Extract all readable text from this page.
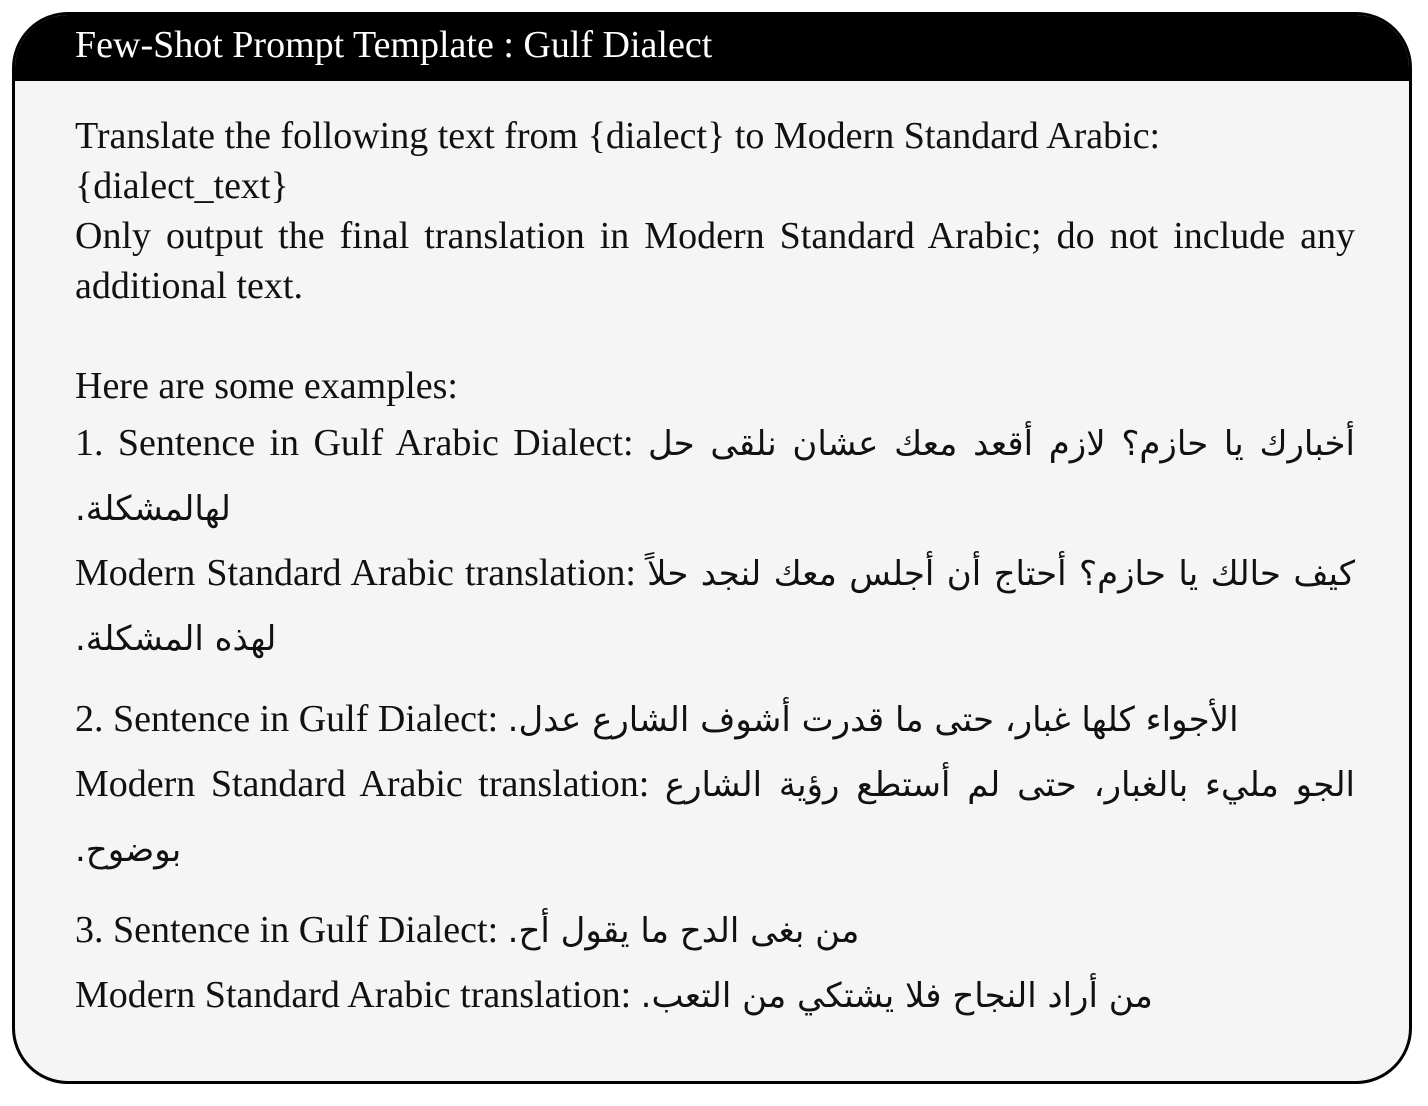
Few-Shot Prompt Template : Gulf Dialect

Translate the following text from {dialect} to Modern Standard Arabic:
{dialect_text}
Only output the final translation in Modern Standard Arabic; do not include any additional text.

Here are some examples:

1. Sentence in Gulf Arabic Dialect: أخبارك يا حازم؟ لازم أقعد معك عشان نلقى حل لهالمشكلة.

Modern Standard Arabic translation: كيف حالك يا حازم؟ أحتاج أن أجلس معك لنجد حلاً لهذه المشكلة.

2. Sentence in Gulf Dialect: الأجواء كلها غبار، حتى ما قدرت أشوف الشارع عدل.

Modern Standard Arabic translation: الجو مليء بالغبار، حتى لم أستطع رؤية الشارع بوضوح.

3. Sentence in Gulf Dialect: من بغى الدح ما يقول أح.

Modern Standard Arabic translation: من أراد النجاح فلا يشتكي من التعب.
